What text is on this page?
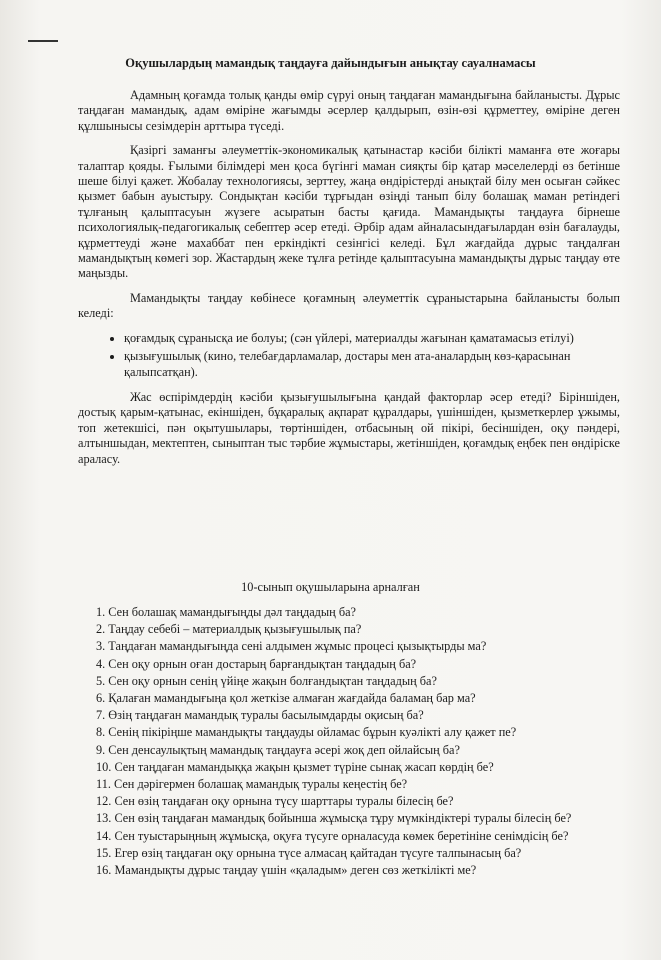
Оқушылардың мамандық таңдауға дайындығын анықтау сауалнамасы

Адамның қоғамда толық қанды өмір сүруі оның таңдаған мамандығына байланысты. Дұрыс таңдаған мамандық, адам өміріне жағымды әсерлер қалдырып, өзін-өзі құрметтеу, өміріне деген құлшынысы сезімдерін арттыра түседі.

Қазіргі заманғы әлеуметтік-экономикалық қатынастар кәсіби білікті маманға өте жоғары талаптар қояды. Ғылыми білімдері мен қоса бүгінгі маман сияқты бір қатар мәселелерді өз бетінше шеше білуі қажет. Жобалау технологиясы, зерттеу, жаңа өндірістерді анықтай білу мен осыған сәйкес қызмет бабын ауыстыру. Сондықтан кәсіби тұрғыдан өзіңді танып білу болашақ маман ретіндегі тұлғаның қалыптасуын жүзеге асыратын басты қағида. Мамандықты таңдауға бірнеше психологиялық-педагогикалық себептер әсер етеді. Әрбір адам айналасындағылардан өзін бағалауды, құрметтеуді және махаббат пен еркіндікті сезінгісі келеді. Бұл жағдайда дұрыс таңдалған мамандықтың көмегі зор. Жастардың жеке тұлға ретінде қалыптасуына мамандықты дұрыс таңдау өте маңызды.

Мамандықты таңдау көбінесе қоғамның әлеуметтік сұраныстарына байланысты болып келеді:

• қоғамдық сұранысқа ие болуы; (сән үйлері, материалды жағынан қаматамасыз етілуі)
• қызығушылық (кино, телебағдарламалар, достары мен ата-аналардың көз-қарасынан қалыпсатқан).

Жас өспірімдердің кәсіби қызығушылығына қандай факторлар әсер етеді? Біріншіден, достық қарым-қатынас, екіншіден, бұқаралық ақпарат құралдары, үшіншіден, қызметкерлер ұжымы, топ жетекшісі, пән оқытушылары, төртіншіден, отбасының ой пікірі, бесіншіден, оқу пәндері, алтыншыдан, мектептен, сыныптан тыс тәрбие жұмыстары, жетіншіден, қоғамдық еңбек пен өндіріске араласу.

10-сынып оқушыларына арналған
1. Сен болашақ мамандығыңды дәл таңдадың ба?
2. Таңдау себебі – материалдық қызығушылық па?
3. Таңдаған мамандығыңда сені алдымен жұмыс процесі қызықтырды ма?
4. Сен оқу орнын оған достарың барғандықтан таңдадың ба?
5. Сен оқу орнын сенің үйіңе жақын болғандықтан таңдадың ба?
6. Қалаған мамандығыңа қол жеткізе алмаған жағдайда баламаң бар ма?
7. Өзің таңдаған мамандық туралы басылымдарды оқисың ба?
8. Сенің пікіріңше мамандықты таңдауды ойламас бұрын куәлікті алу қажет пе?
9. Сен денсаулықтың мамандық таңдауға әсері жоқ деп ойлайсың ба?
10. Сен таңдаған мамандыққа жақын қызмет түріне сынақ жасап көрдің бе?
11. Сен дәрігермен болашақ мамандық туралы кеңестің бе?
12. Сен өзің таңдаған оқу орнына түсу шарттары туралы білесің бе?
13. Сен өзің таңдаған мамандық бойынша жұмысқа тұру мүмкіндіктері туралы білесің бе?
14. Сен туыстарыңның жұмысқа, оқуға түсуге орналасуда көмек беретініне сенімдісің бе?
15. Егер өзің таңдаған оқу орнына түсе алмасаң қайтадан түсуге талпынасың ба?
16. Мамандықты дұрыс таңдау үшін «қаладым» деген сөз жеткілікті ме?
